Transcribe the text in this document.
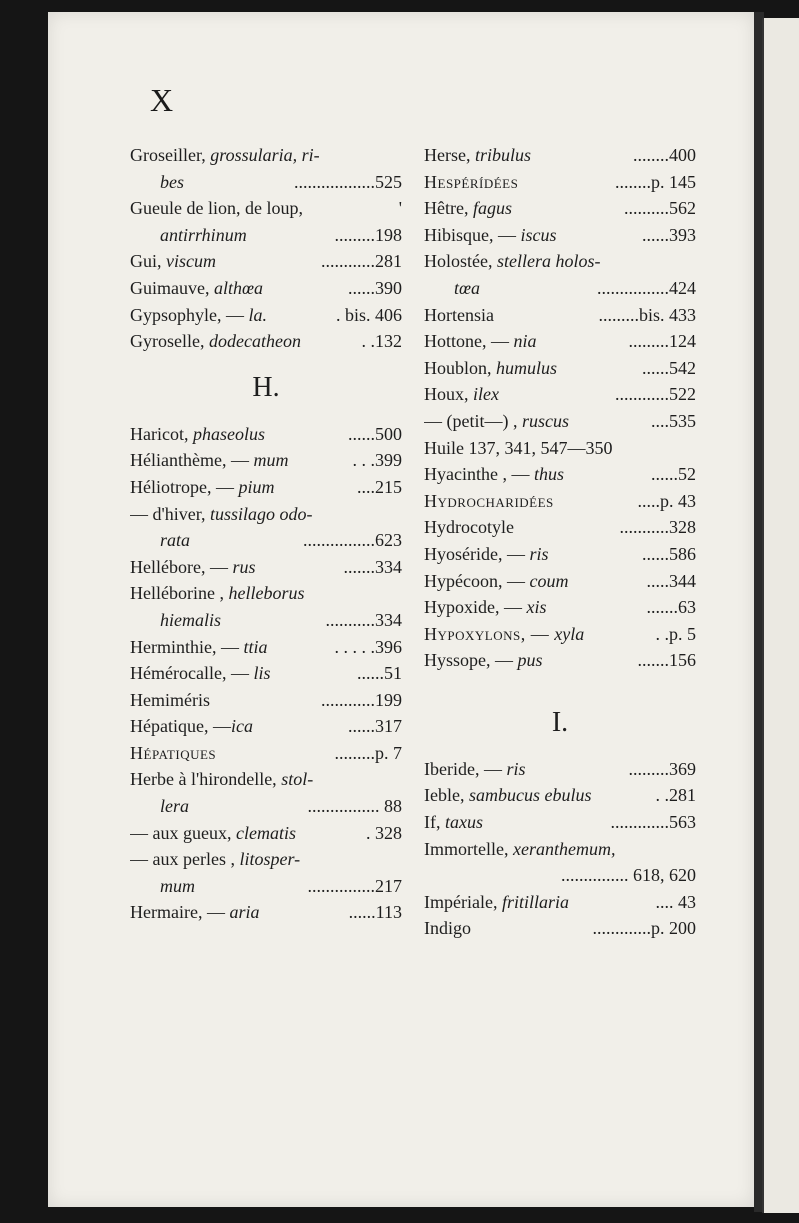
X
Groseiller, grossularia, ri-
bes	..................525
Gueule de lion, de loup,	'
antirrhinum	.........198
Gui, viscum	............281
Guimauve, althœa	......390
Gypsophyle, — la.	. bis. 406
Gyroselle, dodecatheon	. .132
H.
Haricot, phaseolus	......500
Hélianthème, — mum	. . .399
Héliotrope, — pium	....215
— d'hiver, tussilago odo-
rata	................623
Hellébore, — rus	.......334
Helléborine , helleborus
hiemalis	...........334
Herminthie, — ttia	. . . . .396
Hémérocalle, — lis	......51
Hemiméris	............199
Hépatique, —ica	......317
Hépatiques	.........p. 7
Herbe à l'hirondelle, stol-
lera	................ 88
— aux gueux, clematis	. 328
— aux perles , litosper-
mum	...............217
Hermaire, — aria	......113
Herse, tribulus	........400
Hespérídées	........p. 145
Hêtre, fagus	..........562
Hibisque, — iscus	......393
Holostée, stellera holos-
tœa	................424
Hortensia	.........bis. 433
Hottone, — nia	.........124
Houblon, humulus	......542
Houx, ilex	............522
— (petit—) , ruscus	....535
Huile 137, 341, 547—350
Hyacinthe , — thus	......52
Hydrocharidées	.....p. 43
Hydrocotyle	...........328
Hyoséride, — ris	......586
Hypécoon, — coum	.....344
Hypoxide, — xis	.......63
Hypoxylons, — xyla	. .p. 5
Hyssope, — pus	.......156
I.
Iberide, — ris	.........369
Ieble, sambucus ebulus	. .281
If, taxus	.............563
Immortelle, xeranthemum,
............... 618, 620
Impériale, fritillaria	.... 43
Indigo	.............p. 200
